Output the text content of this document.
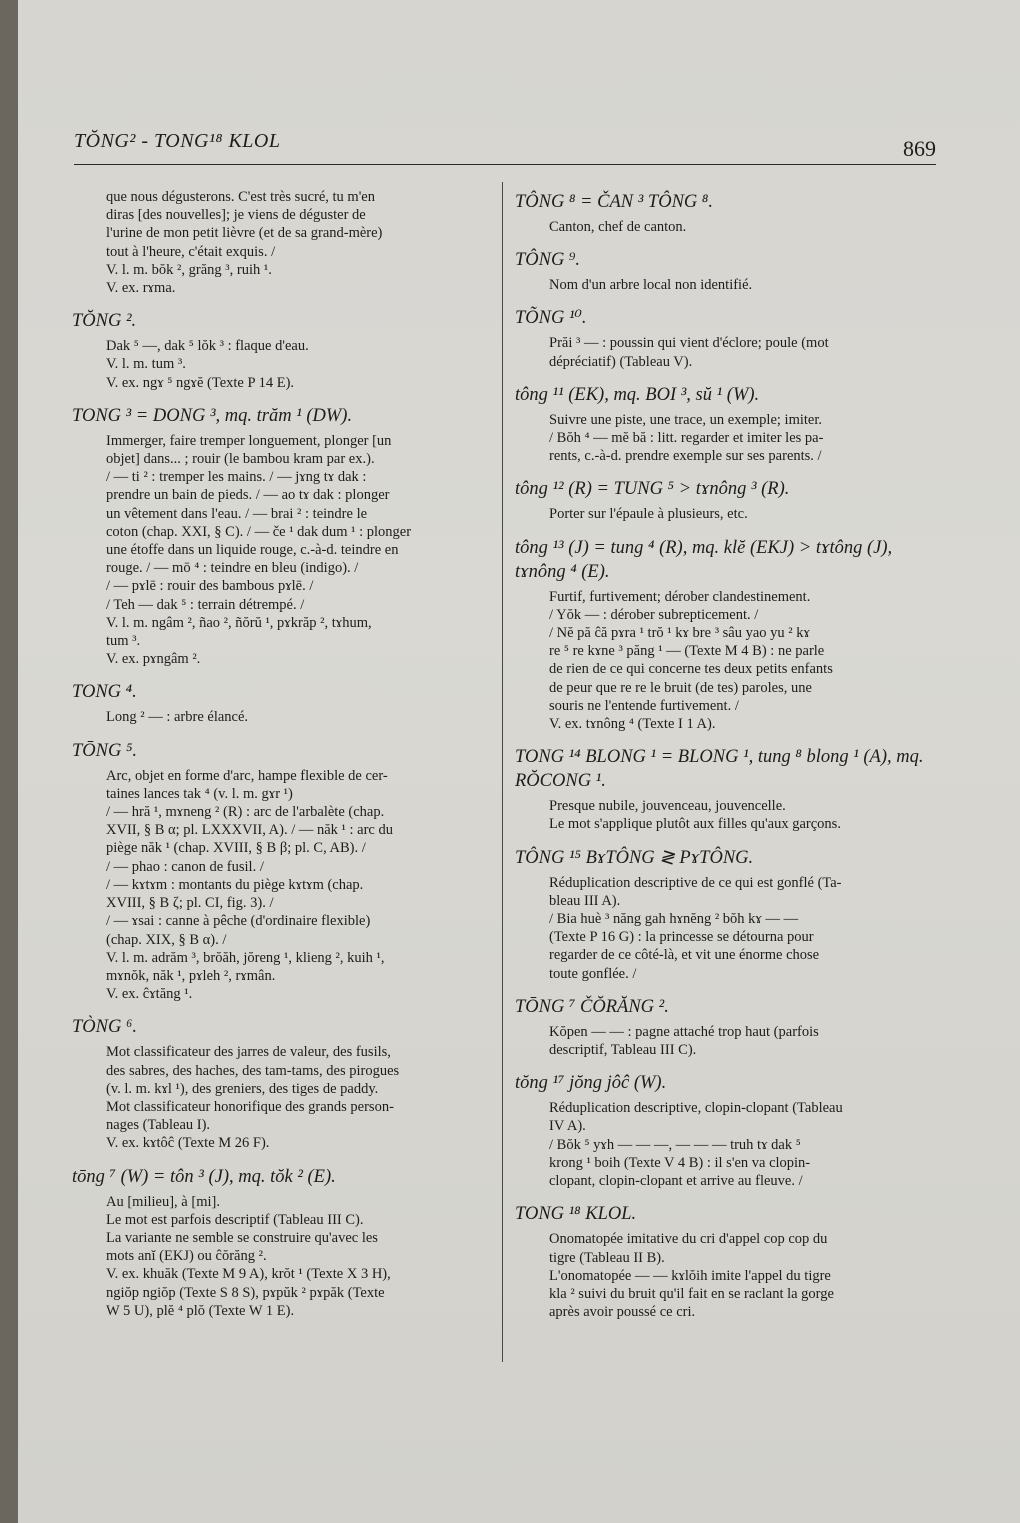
TŎNG² - TONG¹⁸ KLOL	869

que nous dégusterons. C'est très sucré, tu m'en

diras [des nouvelles]; je viens de déguster de

l'urine de mon petit lièvre (et de sa grand-mère)

tout à l'heure, c'était exquis. /

V. l. m. bŏk ², grăng ³, ruih ¹.

V. ex. rɤma.

TŎNG ².

Dak ⁵ —, dak ⁵ lŏk ³ : flaque d'eau.

V. l. m. tum ³.

V. ex. ngɤ ⁵ ngɤĕ (Texte P 14 E).

TONG ³ = DONG ³, mq. trăm ¹ (DW).

Immerger, faire tremper longuement, plonger [un

objet] dans... ; rouir (le bambou kram par ex.).

/ — ti ² : tremper les mains. / — jɤng tɤ dak :

prendre un bain de pieds. / — ao tɤ dak : plonger

un vêtement dans l'eau. / — brai ² : teindre le

coton (chap. XXI, § C). / — če ¹ dak dum ¹ : plonger

une étoffe dans un liquide rouge, c.-à-d. teindre en

rouge. / — mō ⁴ : teindre en bleu (indigo). /

/ — pɤlē : rouir des bambous pɤlē. /

/ Teh — dak ⁵ : terrain détrempé. /

V. l. m. ngâm ², ñao ², ñŏrŭ ¹, pɤkrăp ², tɤhum,

tum ³.

V. ex. pɤngâm ².

TONG ⁴.

Long ² — : arbre élancé.

TŌNG ⁵.

Arc, objet en forme d'arc, hampe flexible de cer-

taines lances tak ⁴ (v. l. m. gɤr ¹)

/ — hră ¹, mɤneng ² (R) : arc de l'arbalète (chap.

XVII, § B α; pl. LXXXVII, A). / — năk ¹ : arc du

piège năk ¹ (chap. XVIII, § B β; pl. C, AB). /

/ — phao : canon de fusil. /

/ — kɤtɤm : montants du piège kɤtɤm (chap.

XVIII, § B ζ; pl. CI, fig. 3). /

/ — ɤsai : canne à pêche (d'ordinaire flexible)

(chap. XIX, § B α). /

V. l. m. adrăm ³, brŏăh, jŏreng ¹, klieng ², kuih ¹,

mɤnŏk, năk ¹, pɤleh ², rɤmân.

V. ex. ĉɤtăng ¹.

TÒNG ⁶.

Mot classificateur des jarres de valeur, des fusils,

des sabres, des haches, des tam-tams, des pirogues

(v. l. m. kɤl ¹), des greniers, des tiges de paddy.

Mot classificateur honorifique des grands person-

nages (Tableau I).

V. ex. kɤtôĉ (Texte M 26 F).

tōng ⁷ (W) = tôn ³ (J), mq. tŏk ² (E).

Au [milieu], à [mi].

Le mot est parfois descriptif (Tableau III C).

La variante ne semble se construire qu'avec les

mots anĭ (EKJ) ou ĉŏrăng ².

V. ex. khuăk (Texte M 9 A), krŏt ¹ (Texte X 3 H),

ngiŏp ngiŏp (Texte S 8 S), pɤpŭk ² pɤpăk (Texte

W 5 U), plĕ ⁴ plŏ (Texte W 1 E).

TÔNG ⁸ = ČAN ³ TÔNG ⁸.

Canton, chef de canton.

TÔNG ⁹.

Nom d'un arbre local non identifié.

TÕNG ¹⁰.

Prăi ³ — : poussin qui vient d'éclore; poule (mot

dépréciatif) (Tableau V).

tông ¹¹ (EK), mq. BOI ³, sŭ ¹ (W).

Suivre une piste, une trace, un exemple; imiter.

/ Bŏh ⁴ — mĕ bă : litt. regarder et imiter les pa-

rents, c.-à-d. prendre exemple sur ses parents. /

tông ¹² (R) = TUNG ⁵ > tɤnông ³ (R).

Porter sur l'épaule à plusieurs, etc.

tông ¹³ (J) = tung ⁴ (R), mq. klĕ (EKJ) > tɤtông (J), tɤnông ⁴ (E).

Furtif, furtivement; dérober clandestinement.

/ Yŏk — : dérober subrepticement. /

/ Nĕ pă ĉă pɤra ¹ trŏ ¹ kɤ bre ³ sâu yao yu ² kɤ

re ⁵ re kɤne ³ păng ¹ — (Texte M 4 B) : ne parle

de rien de ce qui concerne tes deux petits enfants

de peur que re re le bruit (de tes) paroles, une

souris ne l'entende furtivement. /

V. ex. tɤnông ⁴ (Texte I 1 A).

TONG ¹⁴ BLONG ¹ = BLONG ¹, tung ⁸ blong ¹ (A), mq. RŎCONG ¹.

Presque nubile, jouvenceau, jouvencelle.

Le mot s'applique plutôt aux filles qu'aux garçons.

TÔNG ¹⁵ BɤTÔNG ≷ PɤTÔNG.

Réduplication descriptive de ce qui est gonflé (Ta-

bleau III A).

/ Bia huè ³ năng gah hɤnĕng ² bŏh kɤ — —

(Texte P 16 G) : la princesse se détourna pour

regarder de ce côté-là, et vit une énorme chose

toute gonflée. /

TŌNG ⁷ ČŎRĂNG ².

Kŏpen — — : pagne attaché trop haut (parfois

descriptif, Tableau III C).

tŏng ¹⁷ jŏng jôĉ (W).

Réduplication descriptive, clopin-clopant (Tableau

IV A).

/ Bŏk ⁵ yɤh — — —, — — — truh tɤ dak ⁵

krong ¹ boih (Texte V 4 B) : il s'en va clopin-

clopant, clopin-clopant et arrive au fleuve. /

TONG ¹⁸ KLOL.

Onomatopée imitative du cri d'appel cop cop du

tigre (Tableau II B).

L'onomatopée — — kɤlŏih imite l'appel du tigre

kla ² suivi du bruit qu'il fait en se raclant la gorge

après avoir poussé ce cri.
